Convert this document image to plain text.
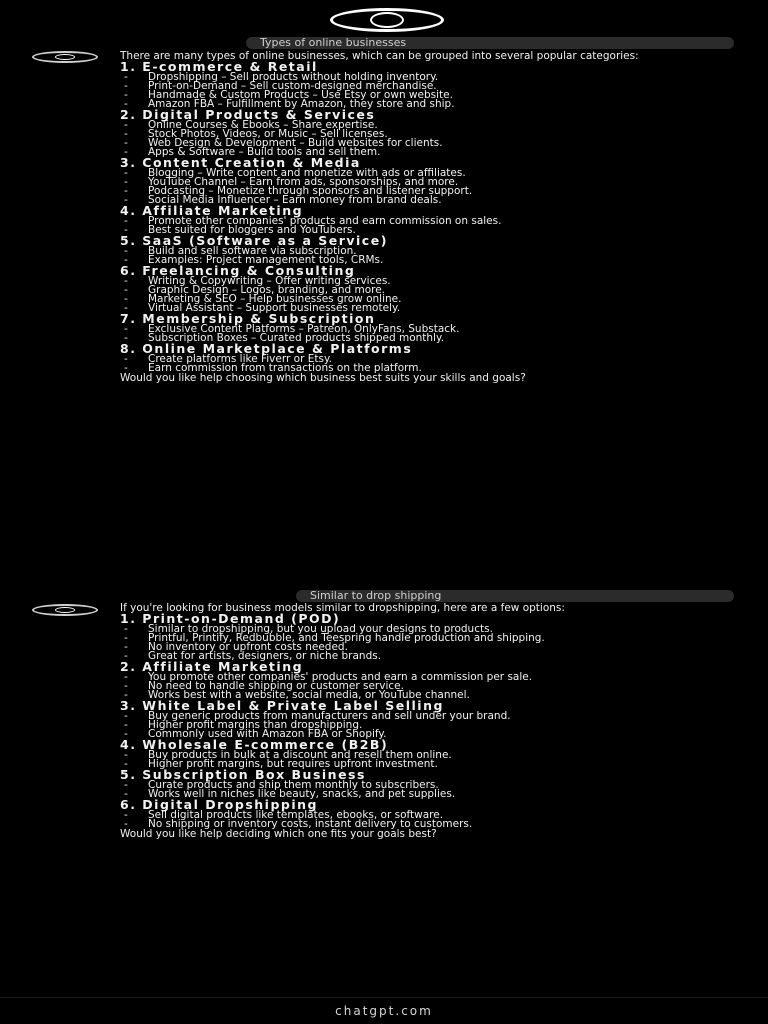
Types of online businesses

There are many types of online businesses, which can be grouped into several popular categories:

1. E-commerce & Retail

- Dropshipping – Sell products without holding inventory.
- Print-on-Demand – Sell custom-designed merchandise.
- Handmade & Custom Products – Use Etsy or own website.
- Amazon FBA – Fulfillment by Amazon, they store and ship.

2. Digital Products & Services

- Online Courses & Ebooks – Share expertise.
- Stock Photos, Videos, or Music – Sell licenses.
- Web Design & Development – Build websites for clients.
- Apps & Software – Build tools and sell them.

3. Content Creation & Media

- Blogging – Write content and monetize with ads or affiliates.
- YouTube Channel – Earn from ads, sponsorships, and more.
- Podcasting – Monetize through sponsors and listener support.
- Social Media Influencer – Earn money from brand deals.

4. Affiliate Marketing

- Promote other companies' products and earn commission on sales.
- Best suited for bloggers and YouTubers.

5. SaaS (Software as a Service)

- Build and sell software via subscription.
- Examples: Project management tools, CRMs.

6. Freelancing & Consulting

- Writing & Copywriting – Offer writing services.
- Graphic Design – Logos, branding, and more.
- Marketing & SEO – Help businesses grow online.
- Virtual Assistant – Support businesses remotely.

7. Membership & Subscription

- Exclusive Content Platforms – Patreon, OnlyFans, Substack.
- Subscription Boxes – Curated products shipped monthly.

8. Online Marketplace & Platforms

- Create platforms like Fiverr or Etsy.
- Earn commission from transactions on the platform.

Would you like help choosing which business best suits your skills and goals?

Similar to drop shipping

If you're looking for business models similar to dropshipping, here are a few options:

1. Print-on-Demand (POD)

- Similar to dropshipping, but you upload your designs to products.
- Printful, Printify, Redbubble, and Teespring handle production and shipping.
- No inventory or upfront costs needed.
- Great for artists, designers, or niche brands.

2. Affiliate Marketing

- You promote other companies' products and earn a commission per sale.
- No need to handle shipping or customer service.
- Works best with a website, social media, or YouTube channel.

3. White Label & Private Label Selling

- Buy generic products from manufacturers and sell under your brand.
- Higher profit margins than dropshipping.
- Commonly used with Amazon FBA or Shopify.

4. Wholesale E-commerce (B2B)

- Buy products in bulk at a discount and resell them online.
- Higher profit margins, but requires upfront investment.

5. Subscription Box Business

- Curate products and ship them monthly to subscribers.
- Works well in niches like beauty, snacks, and pet supplies.

6. Digital Dropshipping

- Sell digital products like templates, ebooks, or software.
- No shipping or inventory costs, instant delivery to customers.

Would you like help deciding which one fits your goals best?

chatgpt.com
